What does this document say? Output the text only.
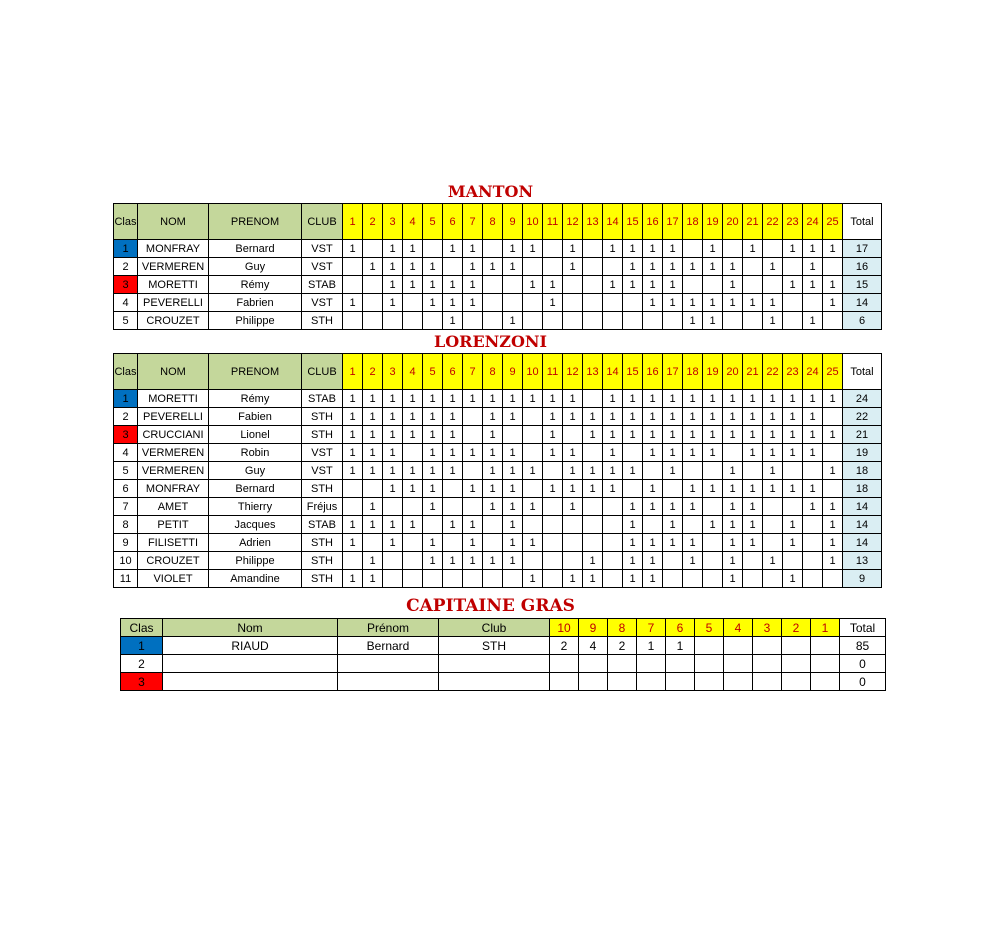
MANTON
Clas	NOM	PRENOM	CLUB	1	2	3	4	5	6	7	8	9	10	11	12	13	14	15	16	17	18	19	20	21	22	23	24	25	Total
1	MONFRAY	Bernard	VST	1		1	1		1	1		1	1		1		1	1	1	1		1		1		1	1	1	17
2	VERMEREN	Guy	VST		1	1	1	1		1	1	1			1			1	1	1	1	1	1		1		1		16
3	MORETTI	Rémy	STAB			1	1	1	1	1			1	1			1	1	1	1			1			1	1	1	15
4	PEVERELLI	Fabrien	VST	1		1		1	1	1				1					1	1	1	1	1	1	1			1	14
5	CROUZET	Philippe	STH						1			1									1	1			1		1		6
LORENZONI
Clas	NOM	PRENOM	CLUB	1	2	3	4	5	6	7	8	9	10	11	12	13	14	15	16	17	18	19	20	21	22	23	24	25	Total
1	MORETTI	Rémy	STAB	1	1	1	1	1	1	1	1	1	1	1	1		1	1	1	1	1	1	1	1	1	1	1	1	24
2	PEVERELLI	Fabien	STH	1	1	1	1	1	1		1	1		1	1	1	1	1	1	1	1	1	1	1	1	1	1		22
3	CRUCCIANI	Lionel	STH	1	1	1	1	1	1		1			1		1	1	1	1	1	1	1	1	1	1	1	1	1	21
4	VERMEREN	Robin	VST	1	1	1		1	1	1	1	1		1	1		1		1	1	1	1		1	1	1	1		19
5	VERMEREN	Guy	VST	1	1	1	1	1	1		1	1	1		1	1	1	1		1			1		1			1	18
6	MONFRAY	Bernard	STH			1	1	1		1	1	1		1	1	1	1		1		1	1	1	1	1	1	1		18
7	AMET	Thierry	Fréjus		1			1			1	1	1		1			1	1	1	1		1	1			1	1	14
8	PETIT	Jacques	STAB	1	1	1	1		1	1		1						1		1		1	1	1		1		1	14
9	FILISETTI	Adrien	STH	1		1		1		1		1	1					1	1	1	1		1	1		1		1	14
10	CROUZET	Philippe	STH		1			1	1	1	1	1				1		1	1		1		1		1			1	13
11	VIOLET	Amandine	STH	1	1								1		1	1		1	1				1			1			9
CAPITAINE GRAS
Clas	Nom	Prénom	Club	10	9	8	7	6	5	4	3	2	1	Total
1	RIAUD	Bernard	STH	2	4	2	1	1						85
2														0
3														0
